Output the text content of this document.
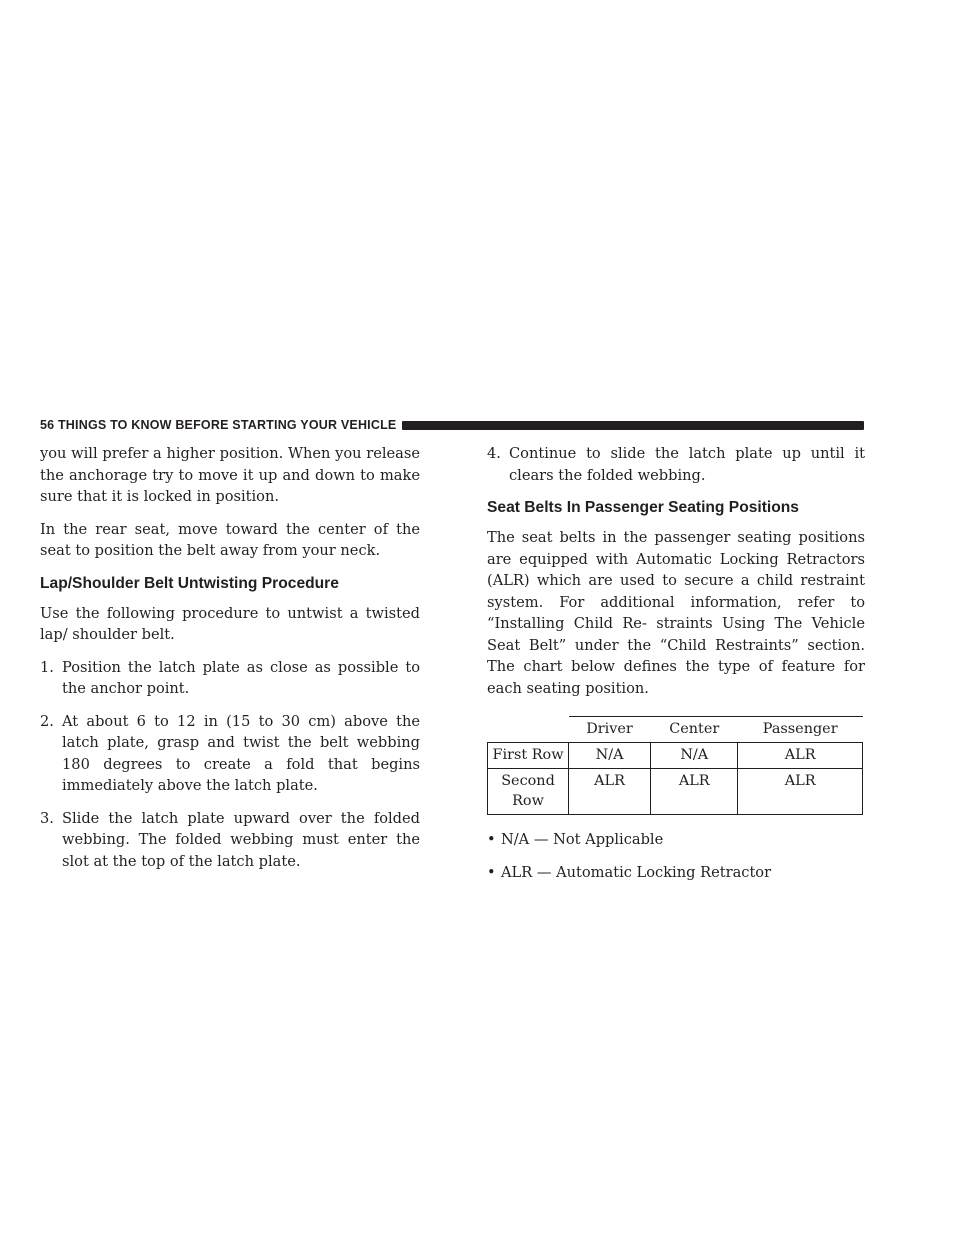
56 THINGS TO KNOW BEFORE STARTING YOUR VEHICLE

you will prefer a higher position. When you release the anchorage try to move it up and down to make sure that it is locked in position.

In the rear seat, move toward the center of the seat to position the belt away from your neck.

Lap/Shoulder Belt Untwisting Procedure

Use the following procedure to untwist a twisted lap/ shoulder belt.

1. Position the latch plate as close as possible to the anchor point.
2. At about 6 to 12 in (15 to 30 cm) above the latch plate, grasp and twist the belt webbing 180 degrees to create a fold that begins immediately above the latch plate.
3. Slide the latch plate upward over the folded webbing. The folded webbing must enter the slot at the top of the latch plate.
4. Continue to slide the latch plate up until it clears the folded webbing.
Seat Belts In Passenger Seating Positions

The seat belts in the passenger seating positions are equipped with Automatic Locking Retractors (ALR) which are used to secure a child restraint system. For additional information, refer to “Installing Child Re- straints Using The Vehicle Seat Belt” under the “Child Restraints” section. The chart below defines the type of feature for each seating position.

	Driver	Center	Passenger
First Row	N/A	N/A	ALR
Second Row	ALR	ALR	ALR
• N/A — Not Applicable
• ALR — Automatic Locking Retractor
